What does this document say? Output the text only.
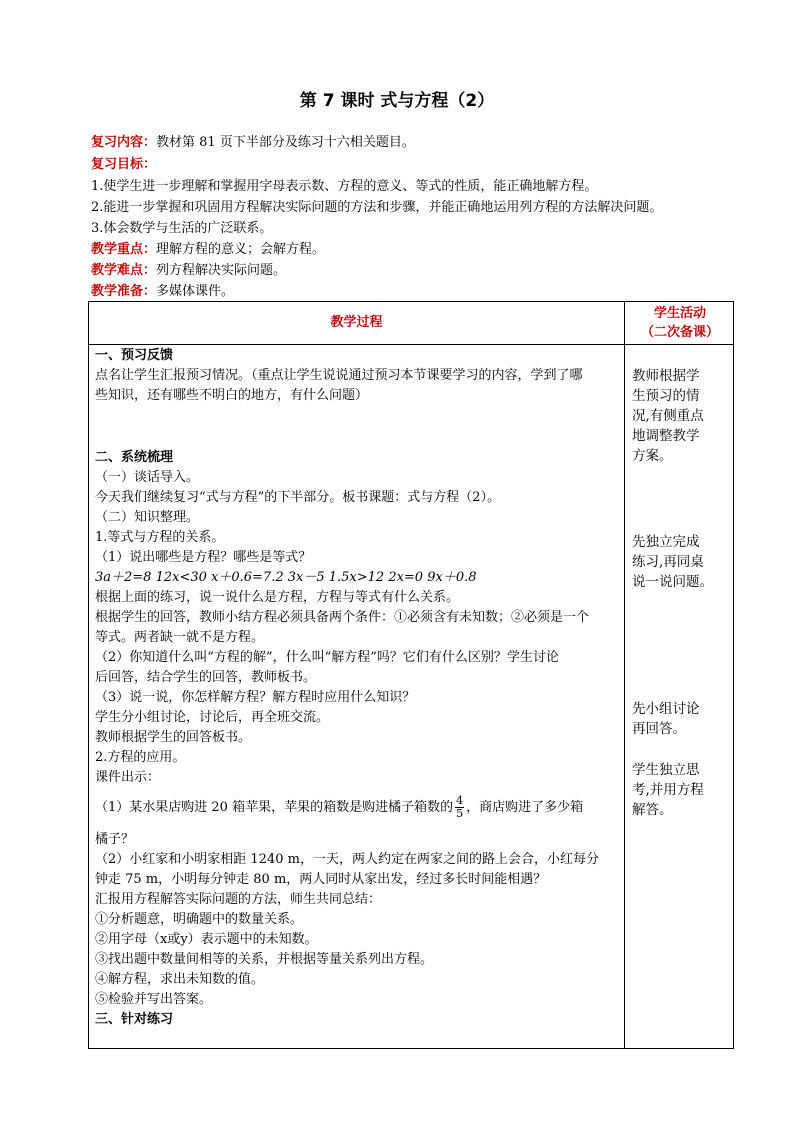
第 7 课时 式与方程（2）
复习内容：教材第 81 页下半部分及练习十六相关题目。
复习目标：
1.使学生进一步理解和掌握用字母表示数、方程的意义、等式的性质，能正确地解方程。
2.能进一步掌握和巩固用方程解决实际问题的方法和步骤，并能正确地运用列方程的方法解决问题。
3.体会数学与生活的广泛联系。
教学重点：理解方程的意义；会解方程。
教学难点：列方程解决实际问题。
教学准备：多媒体课件。
教学过程
学生活动
（二次备课）
一、预习反馈
点名让学生汇报预习情况。（重点让学生说说通过预习本节课要学习的内容，学到了哪
些知识，还有哪些不明白的地方，有什么问题）
二、系统梳理
（一）谈话导入。
今天我们继续复习“式与方程”的下半部分。板书课题：式与方程（2）。
（二）知识整理。
1.等式与方程的关系。
（1）说出哪些是方程？哪些是等式？
3a＋2=8 12x<30 x＋0.6=7.2 3x－5 1.5x>12 2x=0 9x＋0.8
根据上面的练习，说一说什么是方程，方程与等式有什么关系。
根据学生的回答，教师小结方程必须具备两个条件：①必须含有未知数；②必须是一个
等式。两者缺一就不是方程。
（2）你知道什么叫“方程的解”，什么叫“解方程”吗？它们有什么区别？学生讨论
后回答，结合学生的回答，教师板书。
（3）说一说，你怎样解方程？解方程时应用什么知识？
学生分小组讨论，讨论后，再全班交流。
教师根据学生的回答板书。
2.方程的应用。
课件出示：
（1）某水果店购进 20 箱苹果，苹果的箱数是购进橘子箱数的 $\frac{4}{5}$ ，商店购进了多少箱
橘子？
（2）小红家和小明家相距 1240 m，一天，两人约定在两家之间的路上会合，小红每分
钟走 75 m，小明每分钟走 80 m，两人同时从家出发，经过多长时间能相遇？
汇报用方程解答实际问题的方法，师生共同总结：
①分析题意，明确题中的数量关系。
②用字母（x或y）表示题中的未知数。
③找出题中数量间相等的关系，并根据等量关系列出方程。
④解方程，求出未知数的值。
⑤检验并写出答案。
三、针对练习
教师根据学
生预习的情
况,有侧重点
地调整教学
方案。
先独立完成
练习,再同桌
说一说问题。
先小组讨论
再回答。
学生独立思
考,并用方程
解答。
